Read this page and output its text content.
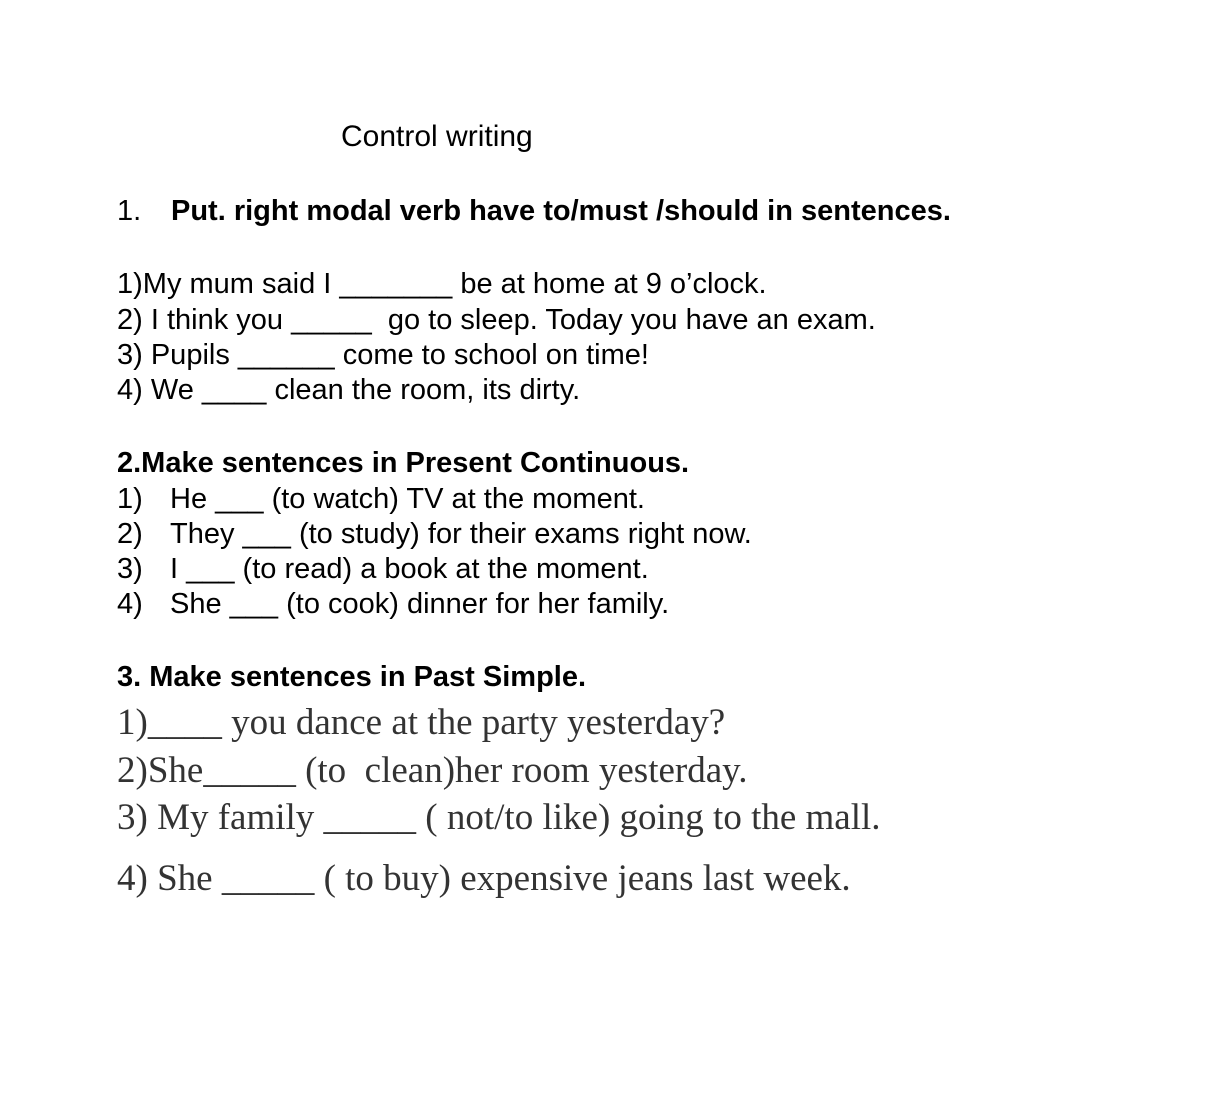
Control writing
1. Put. right modal verb have to/must /should in sentences.
1)My mum said I _______ be at home at 9 o’clock.
2) I think you _____  go to sleep. Today you have an exam.
3) Pupils ______ come to school on time!
4) We ____ clean the room, its dirty.
2.Make sentences in Present Continuous.
1) He ___ (to watch) TV at the moment.
2) They ___ (to study) for their exams right now.
3) I ___ (to read) a book at the moment.
4) She ___ (to cook) dinner for her family.
3. Make sentences in Past Simple.
1)____ you dance at the party yesterday?
2)She_____ (to  clean)her room yesterday.
3) My family _____ ( not/to like) going to the mall.
4) She _____ ( to buy) expensive jeans last week.
